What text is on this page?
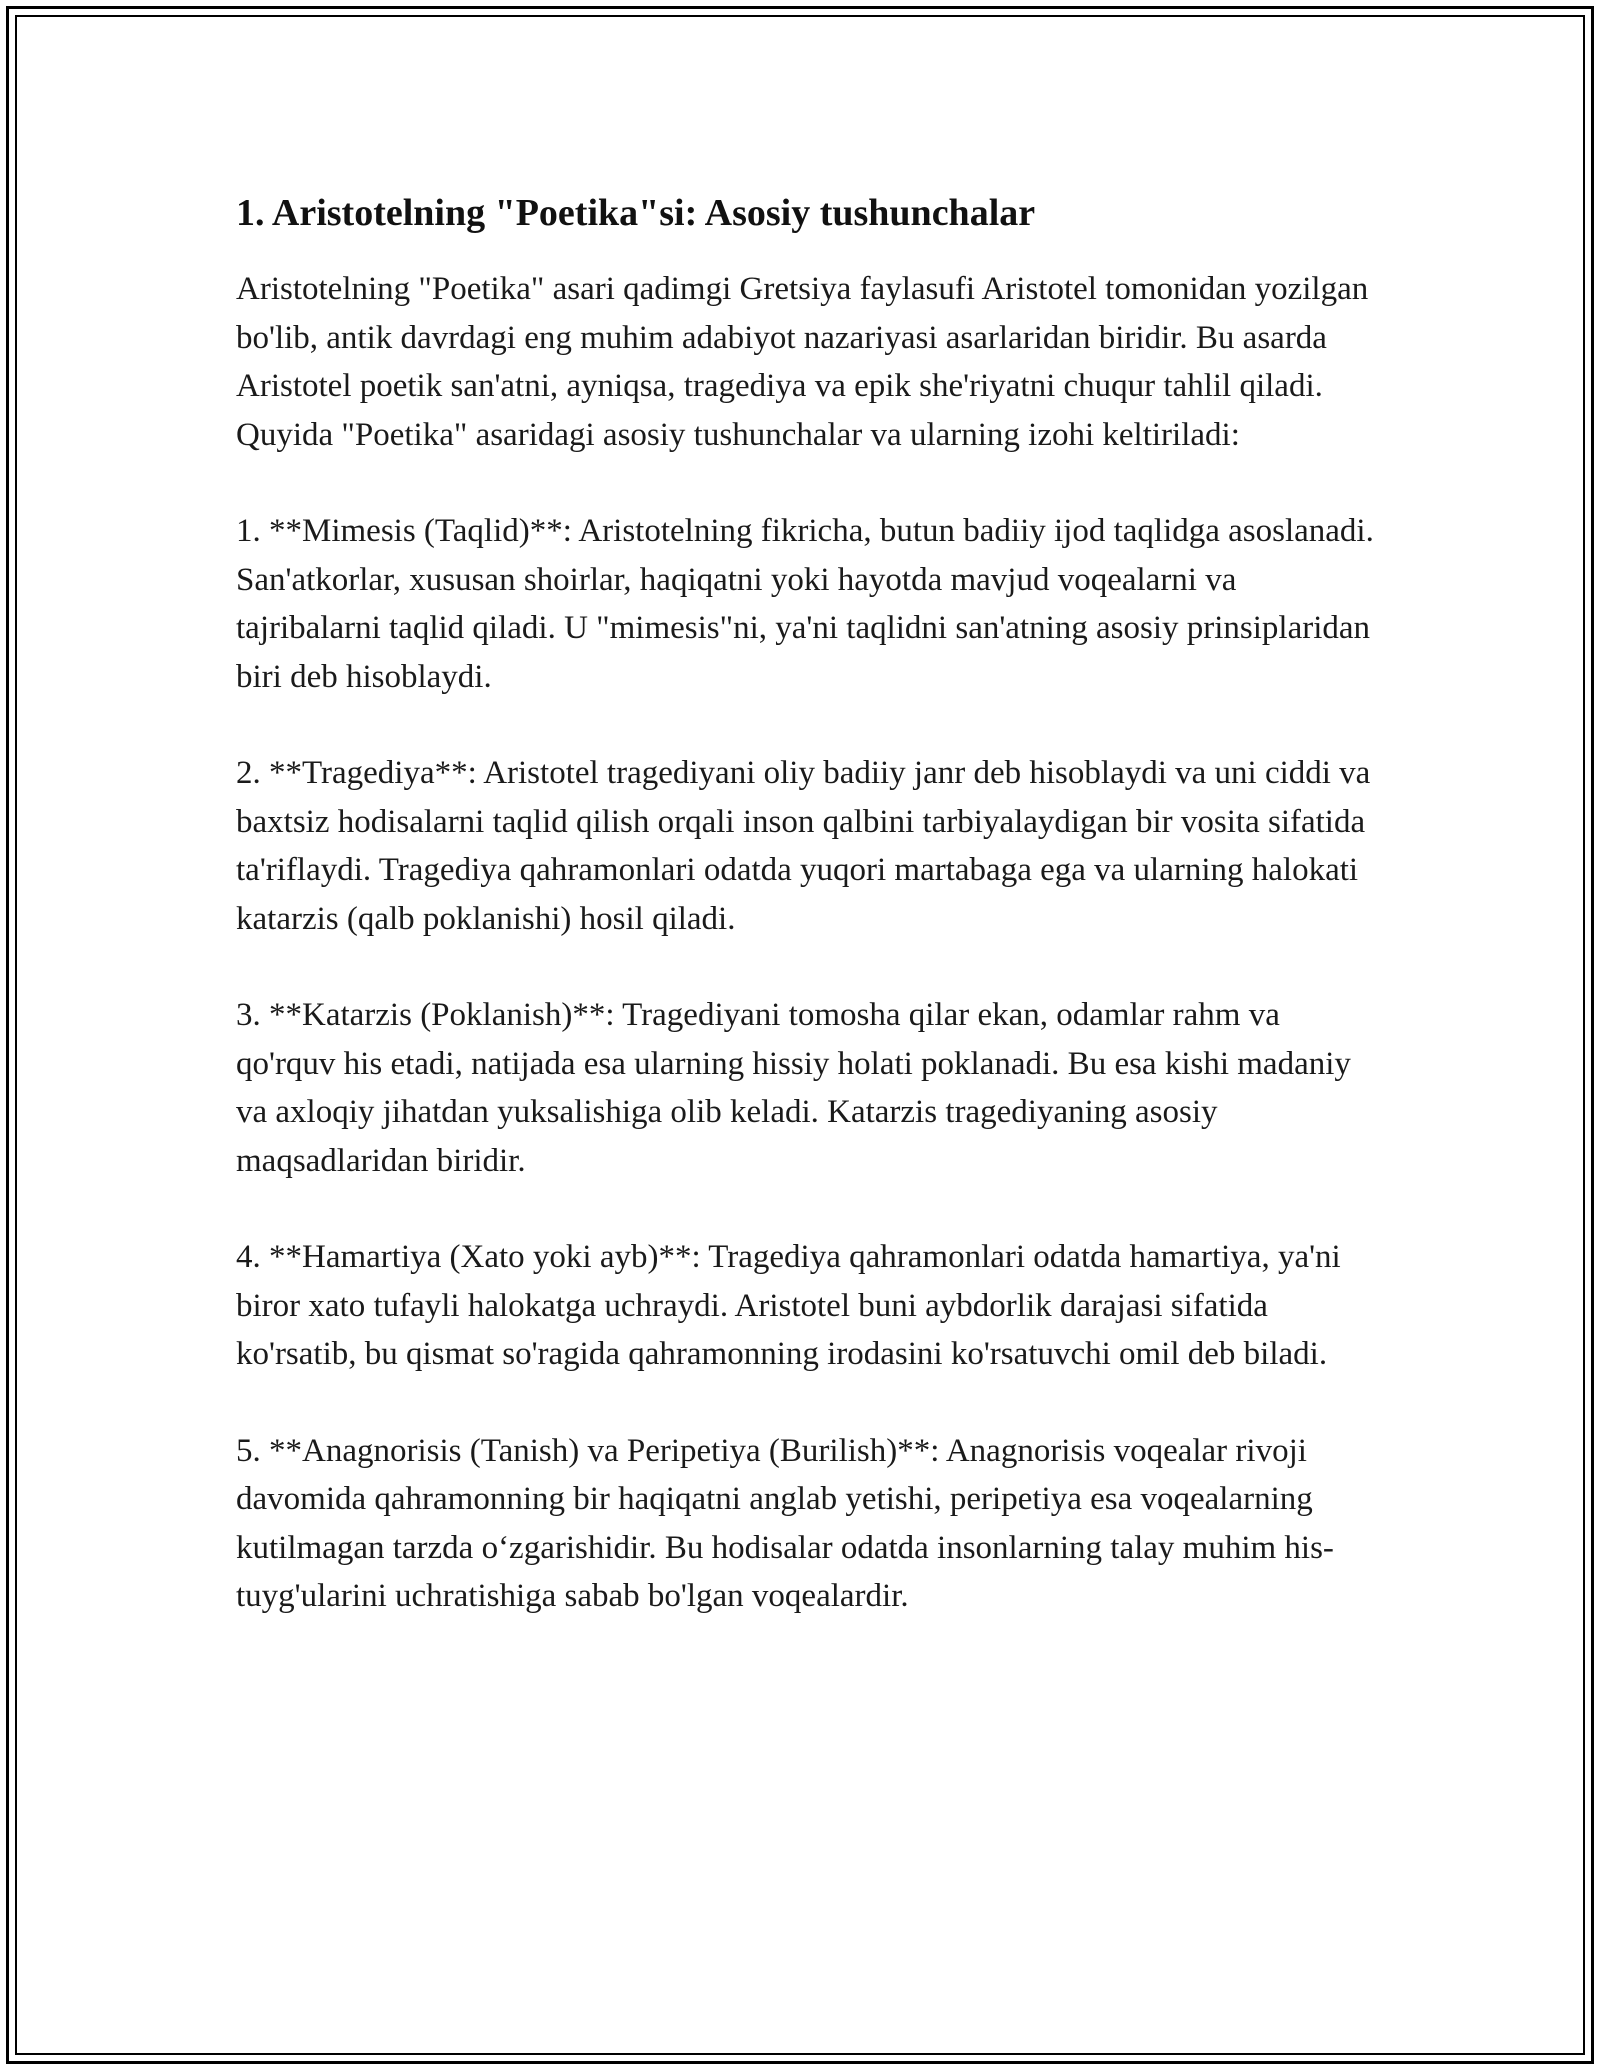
1. Aristotelning "Poetika"si: Asosiy tushunchalar

Aristotelning "Poetika" asari qadimgi Gretsiya faylasufi Aristotel tomonidan yozilgan bo'lib, antik davrdagi eng muhim adabiyot nazariyasi asarlaridan biridir. Bu asarda Aristotel poetik san'atni, ayniqsa, tragediya va epik she'riyatni chuqur tahlil qiladi. Quyida "Poetika" asaridagi asosiy tushunchalar va ularning izohi keltiriladi:

1. **Mimesis (Taqlid)**: Aristotelning fikricha, butun badiiy ijod taqlidga asoslanadi. San'atkorlar, xususan shoirlar, haqiqatni yoki hayotda mavjud voqealarni va tajribalarni taqlid qiladi. U "mimesis"ni, ya'ni taqlidni san'atning asosiy prinsiplaridan biri deb hisoblaydi.

2. **Tragediya**: Aristotel tragediyani oliy badiiy janr deb hisoblaydi va uni ciddi va baxtsiz hodisalarni taqlid qilish orqali inson qalbini tarbiyalaydigan bir vosita sifatida ta'riflaydi. Tragediya qahramonlari odatda yuqori martabaga ega va ularning halokati katarzis (qalb poklanishi) hosil qiladi.

3. **Katarzis (Poklanish)**: Tragediyani tomosha qilar ekan, odamlar rahm va qo'rquv his etadi, natijada esa ularning hissiy holati poklanadi. Bu esa kishi madaniy va axloqiy jihatdan yuksalishiga olib keladi. Katarzis tragediyaning asosiy maqsadlaridan biridir.

4. **Hamartiya (Xato yoki ayb)**: Tragediya qahramonlari odatda hamartiya, ya'ni biror xato tufayli halokatga uchraydi. Aristotel buni aybdorlik darajasi sifatida ko'rsatib, bu qismat so'ragida qahramonning irodasini ko'rsatuvchi omil deb biladi.

5. **Anagnorisis (Tanish) va Peripetiya (Burilish)**: Anagnorisis voqealar rivoji davomida qahramonning bir haqiqatni anglab yetishi, peripetiya esa voqealarning kutilmagan tarzda o‘zgarishidir. Bu hodisalar odatda insonlarning talay muhim his-tuyg'ularini uchratishiga sabab bo'lgan voqealardir.
